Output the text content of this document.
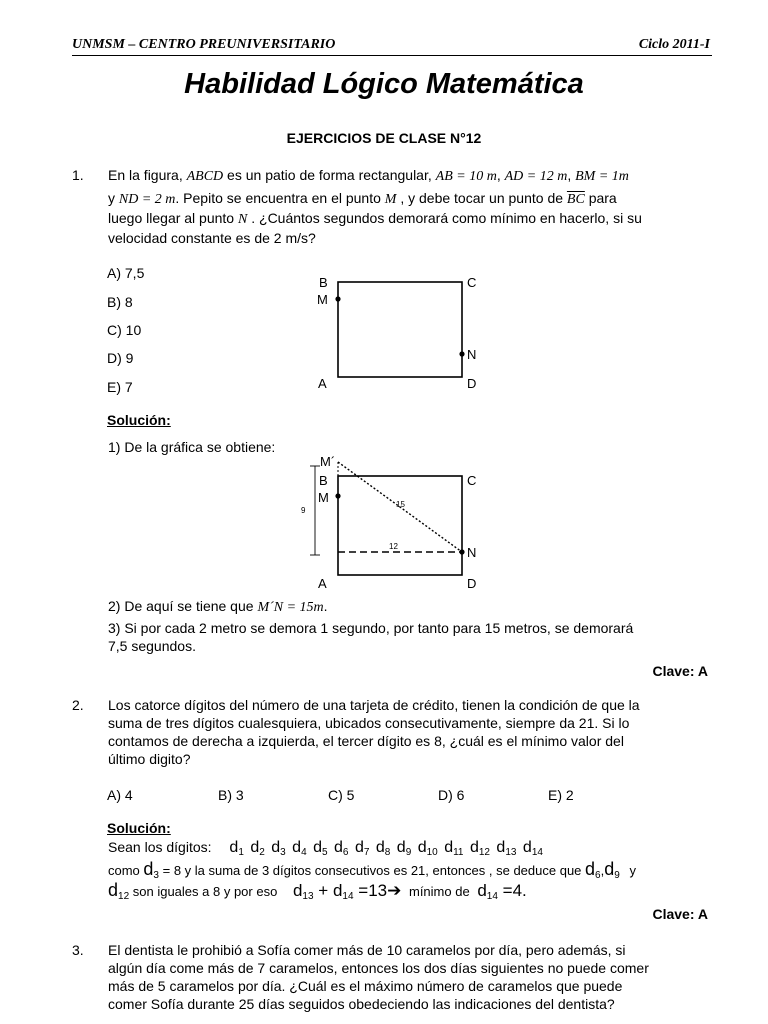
UNMSM – CENTRO PREUNIVERSITARIO	Ciclo 2011-I
Habilidad Lógico Matemática
EJERCICIOS DE CLASE N°12
1. En la figura, ABCD es un patio de forma rectangular, AB = 10 m, AD = 12 m, BM = 1m
y ND = 2 m. Pepito se encuentra en el punto M , y debe tocar un punto de $\overline{BC}$ para
luego llegar al punto N . ¿Cuántos segundos demorará como mínimo en hacerlo, si su
velocidad constante es de 2 m/s?
A) 7,5
B) 8
C) 10
D) 9
E) 7
B
M
C
N
A	D
Solución:
1) De la gráfica se obtiene:
M´
B
M
C
N
A	D
9
15
12
2) De aquí se tiene que M´N = 15m.
3) Si por cada 2 metro se demora 1 segundo, por tanto para 15 metros, se demorará
7,5 segundos.
Clave: A
2. Los catorce dígitos del número de una tarjeta de crédito, tienen la condición de que la
suma de tres dígitos cualesquiera, ubicados consecutivamente, siempre da 21. Si lo
contamos de derecha a izquierda, el tercer dígito es 8, ¿cuál es el mínimo valor del
último digito?
A) 4	B) 3	C) 5	D) 6	E) 2
Solución:
Sean los dígitos: $d_1$ $d_2$ $d_3$ $d_4$ $d_5$ $d_6$ $d_7$ $d_8$ $d_9$ $d_{10}$ $d_{11}$ $d_{12}$ $d_{13}$ $d_{14}$
como $d_3 = 8$ y la suma de 3 dígitos consecutivos es 21, entonces , se deduce que $d_6,d_9$ y
$d_{12}$ son iguales a 8 y por eso $d_{13} + d_{14}$ =13➔ mínimo de $d_{14} =4$.
Clave: A
3. El dentista le prohibió a Sofía comer más de 10 caramelos por día, pero además, si
algún día come más de 7 caramelos, entonces los dos días siguientes no puede comer
más de 5 caramelos por día. ¿Cuál es el máximo número de caramelos que puede
comer Sofía durante 25 días seguidos obedeciendo las indicaciones del dentista?
